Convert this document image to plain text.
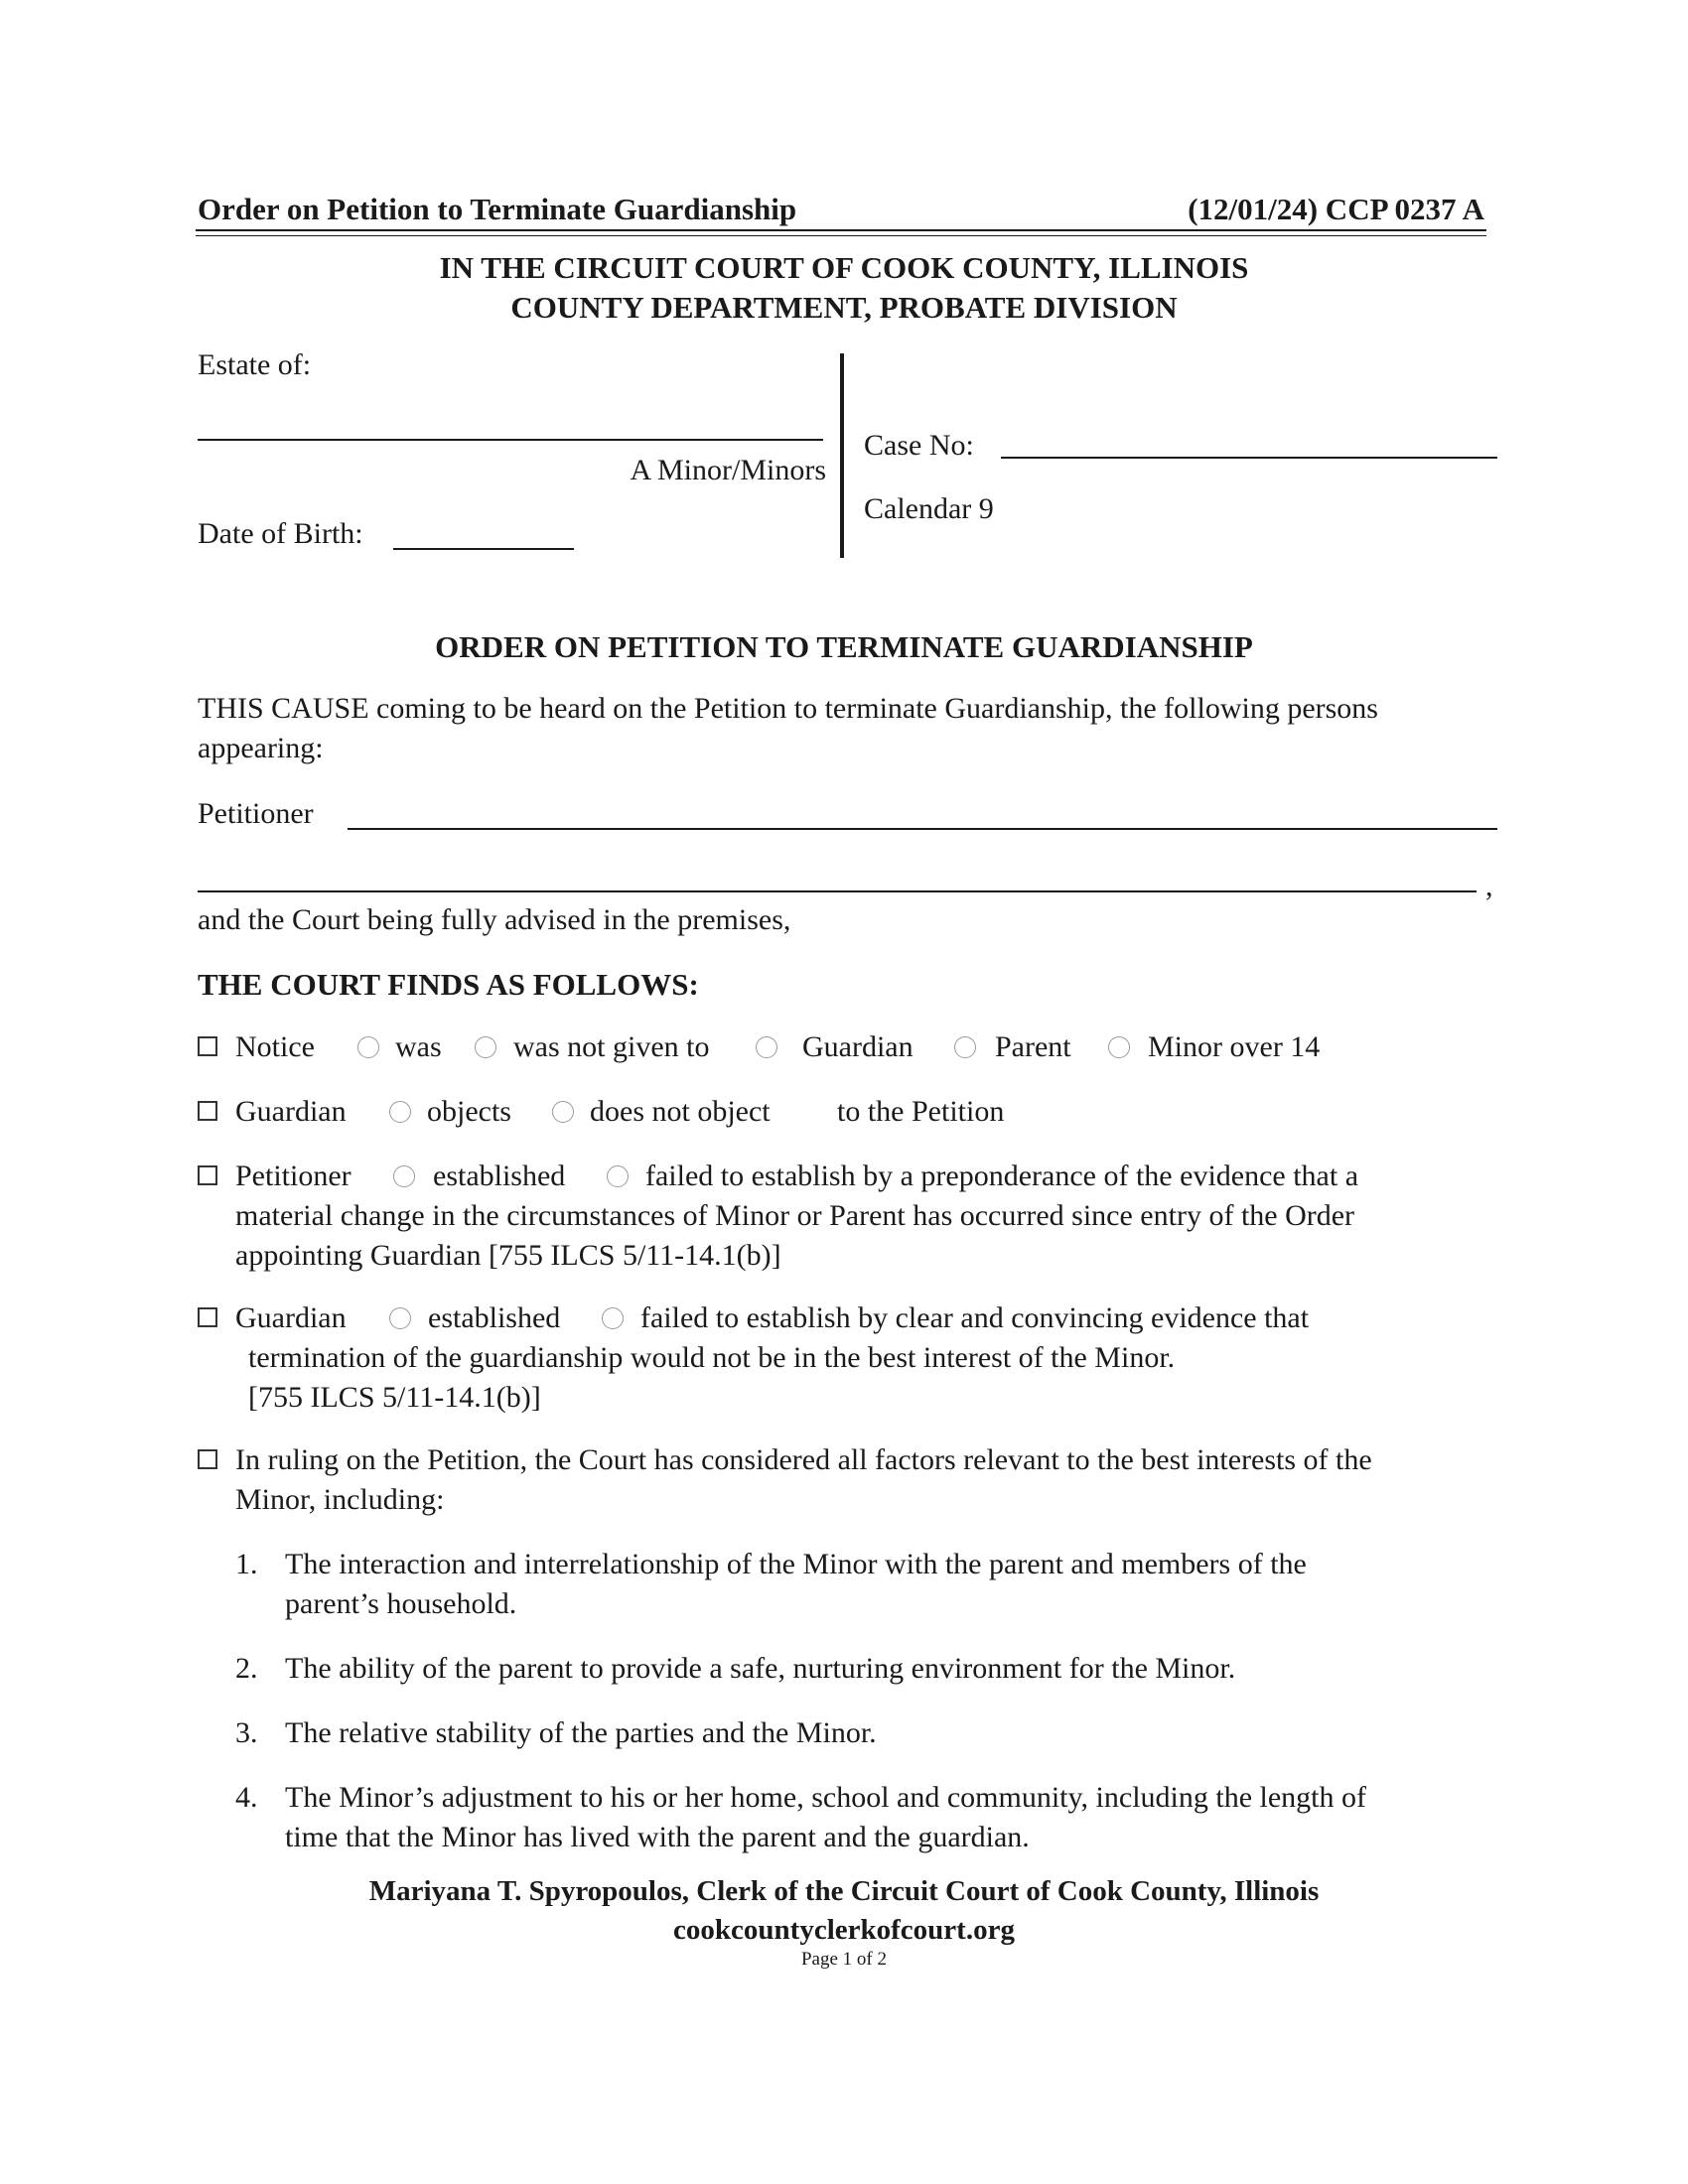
Order on Petition to Terminate Guardianship	(12/01/24) CCP 0237 A
IN THE CIRCUIT COURT OF COOK COUNTY, ILLINOIS
COUNTY DEPARTMENT, PROBATE DIVISION
Estate of:
A Minor/Minors
Date of Birth:
Case No:
Calendar 9
ORDER ON PETITION TO TERMINATE GUARDIANSHIP
THIS CAUSE coming to be heard on the Petition to terminate Guardianship, the following persons
appearing:
Petitioner
,
and the Court being fully advised in the premises,
THE COURT FINDS AS FOLLOWS:
Notice	was was not given to	Guardian	Parent	Minor over 14
Guardian	objects	does not object to the Petition
Petitioner	established	failed to establish by a preponderance of the evidence that a
material change in the circumstances of Minor or Parent has occurred since entry of the Order
appointing Guardian [755 ILCS 5/11-14.1(b)]
Guardian	established	failed to establish by clear and convincing evidence that
termination of the guardianship would not be in the best interest of the Minor.
[755 ILCS 5/11-14.1(b)]
In ruling on the Petition, the Court has considered all factors relevant to the best interests of the
Minor, including:
1. The interaction and interrelationship of the Minor with the parent and members of the
parent’s household.
2. The ability of the parent to provide a safe, nurturing environment for the Minor.
3. The relative stability of the parties and the Minor.
4. The Minor’s adjustment to his or her home, school and community, including the length of
time that the Minor has lived with the parent and the guardian.
Mariyana T. Spyropoulos, Clerk of the Circuit Court of Cook County, Illinois
cookcountyclerkofcourt.org
Page 1 of 2
